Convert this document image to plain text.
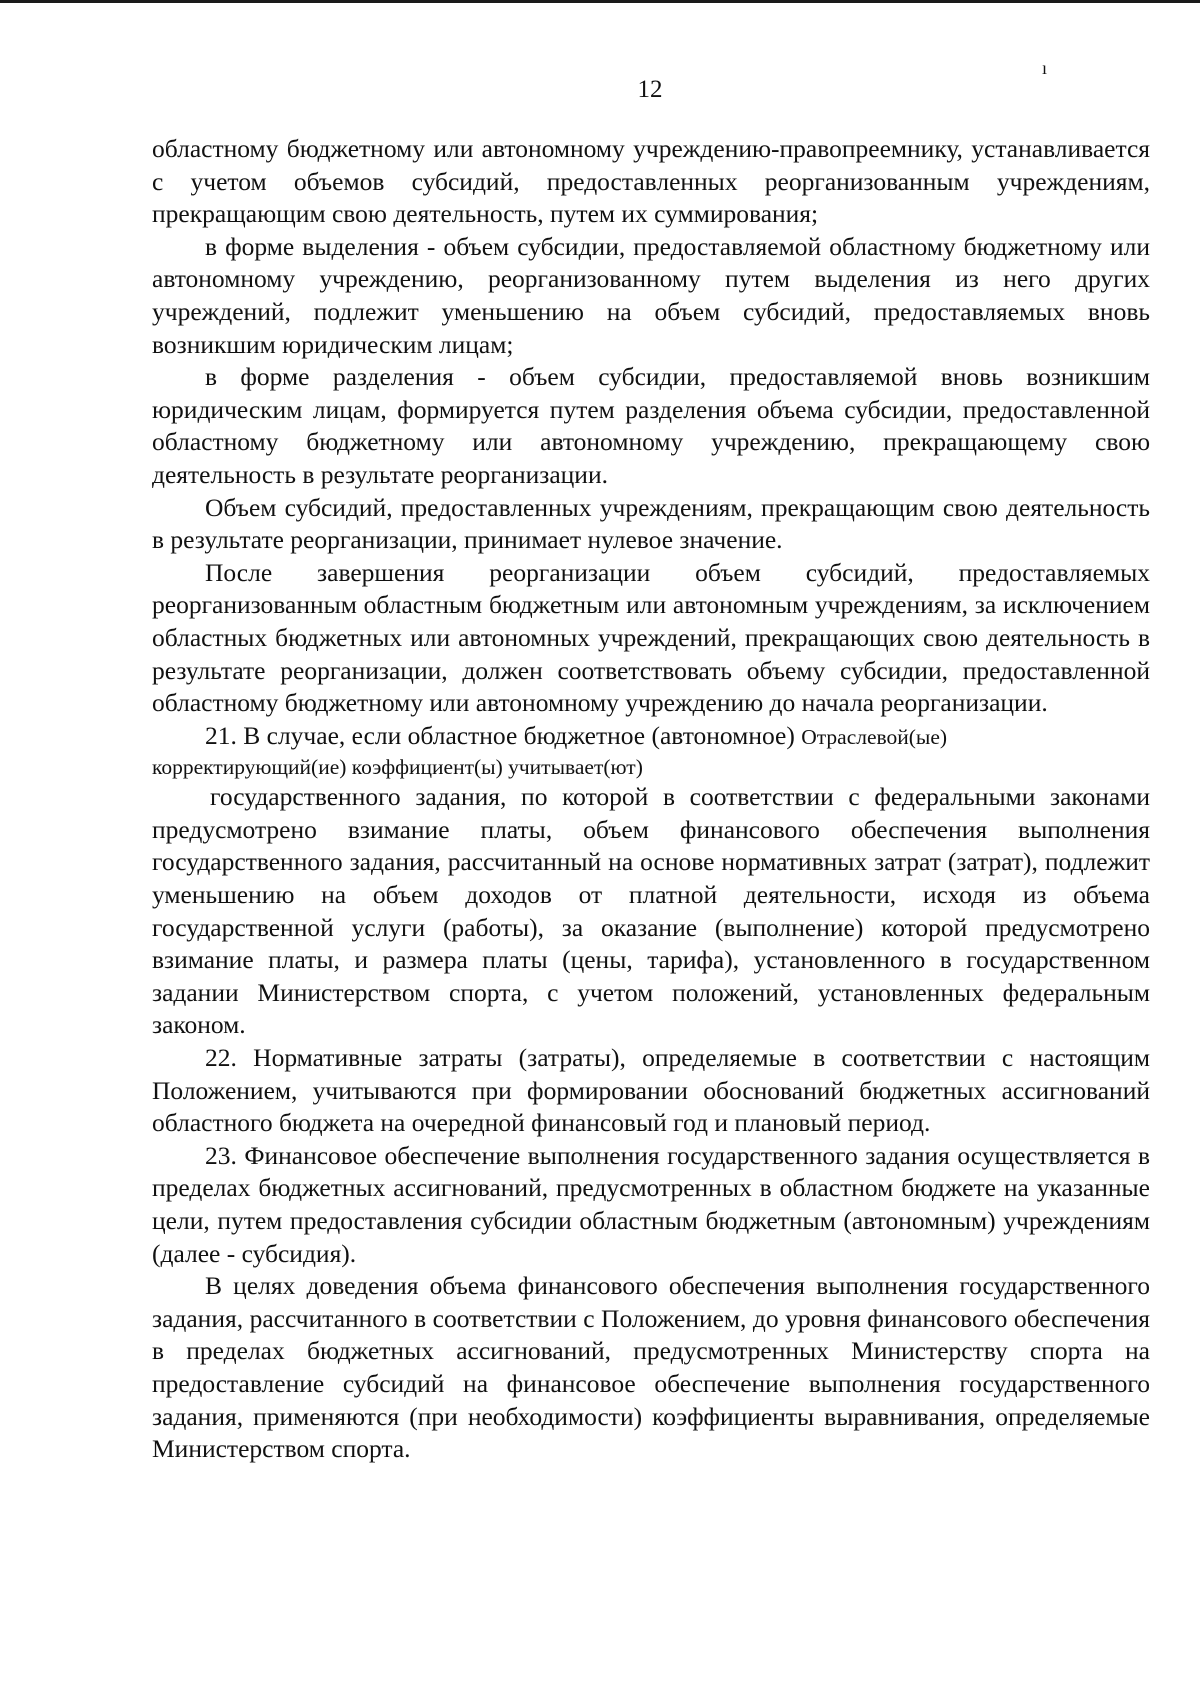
ı
12

областному бюджетному или автономному учреждению-правопреемнику, устанавливается с учетом объемов субсидий, предоставленных реорганизованным учреждениям, прекращающим свою деятельность, путем их суммирования;

в форме выделения - объем субсидии, предоставляемой областному бюджетному или автономному учреждению, реорганизованному путем выделения из него других учреждений, подлежит уменьшению на объем субсидий, предоставляемых вновь возникшим юридическим лицам;

в форме разделения - объем субсидии, предоставляемой вновь возникшим юридическим лицам, формируется путем разделения объема субсидии, предоставленной областному бюджетному или автономному учреждению, прекращающему свою деятельность в результате реорганизации.

Объем субсидий, предоставленных учреждениям, прекращающим свою деятельность в результате реорганизации, принимает нулевое значение.

После завершения реорганизации объем субсидий, предоставляемых реорганизованным областным бюджетным или автономным учреждениям, за исключением областных бюджетных или автономных учреждений, прекращающих свою деятельность в результате реорганизации, должен соответствовать объему субсидии, предоставленной областному бюджетному или автономному учреждению до начала реорганизации.

21. В случае, если областное бюджетное (автономное) Отраслевой(ые)

корректирующий(ие) коэффициент(ы) учитывает(ют)

государственного задания, по которой в соответствии с федеральными законами предусмотрено взимание платы, объем финансового обеспечения выполнения государственного задания, рассчитанный на основе нормативных затрат (затрат), подлежит уменьшению на объем доходов от платной деятельности, исходя из объема государственной услуги (работы), за оказание (выполнение) которой предусмотрено взимание платы, и размера платы (цены, тарифа), установленного в государственном задании Министерством спорта, с учетом положений, установленных федеральным законом.

22. Нормативные затраты (затраты), определяемые в соответствии с настоящим Положением, учитываются при формировании обоснований бюджетных ассигнований областного бюджета на очередной финансовый год и плановый период.

23. Финансовое обеспечение выполнения государственного задания осуществляется в пределах бюджетных ассигнований, предусмотренных в областном бюджете на указанные цели, путем предоставления субсидии областным бюджетным (автономным) учреждениям (далее - субсидия).

В целях доведения объема финансового обеспечения выполнения государственного задания, рассчитанного в соответствии с Положением, до уровня финансового обеспечения в пределах бюджетных ассигнований, предусмотренных Министерству спорта на предоставление субсидий на финансовое обеспечение выполнения государственного задания, применяются (при необходимости) коэффициенты выравнивания, определяемые Министерством спорта.
